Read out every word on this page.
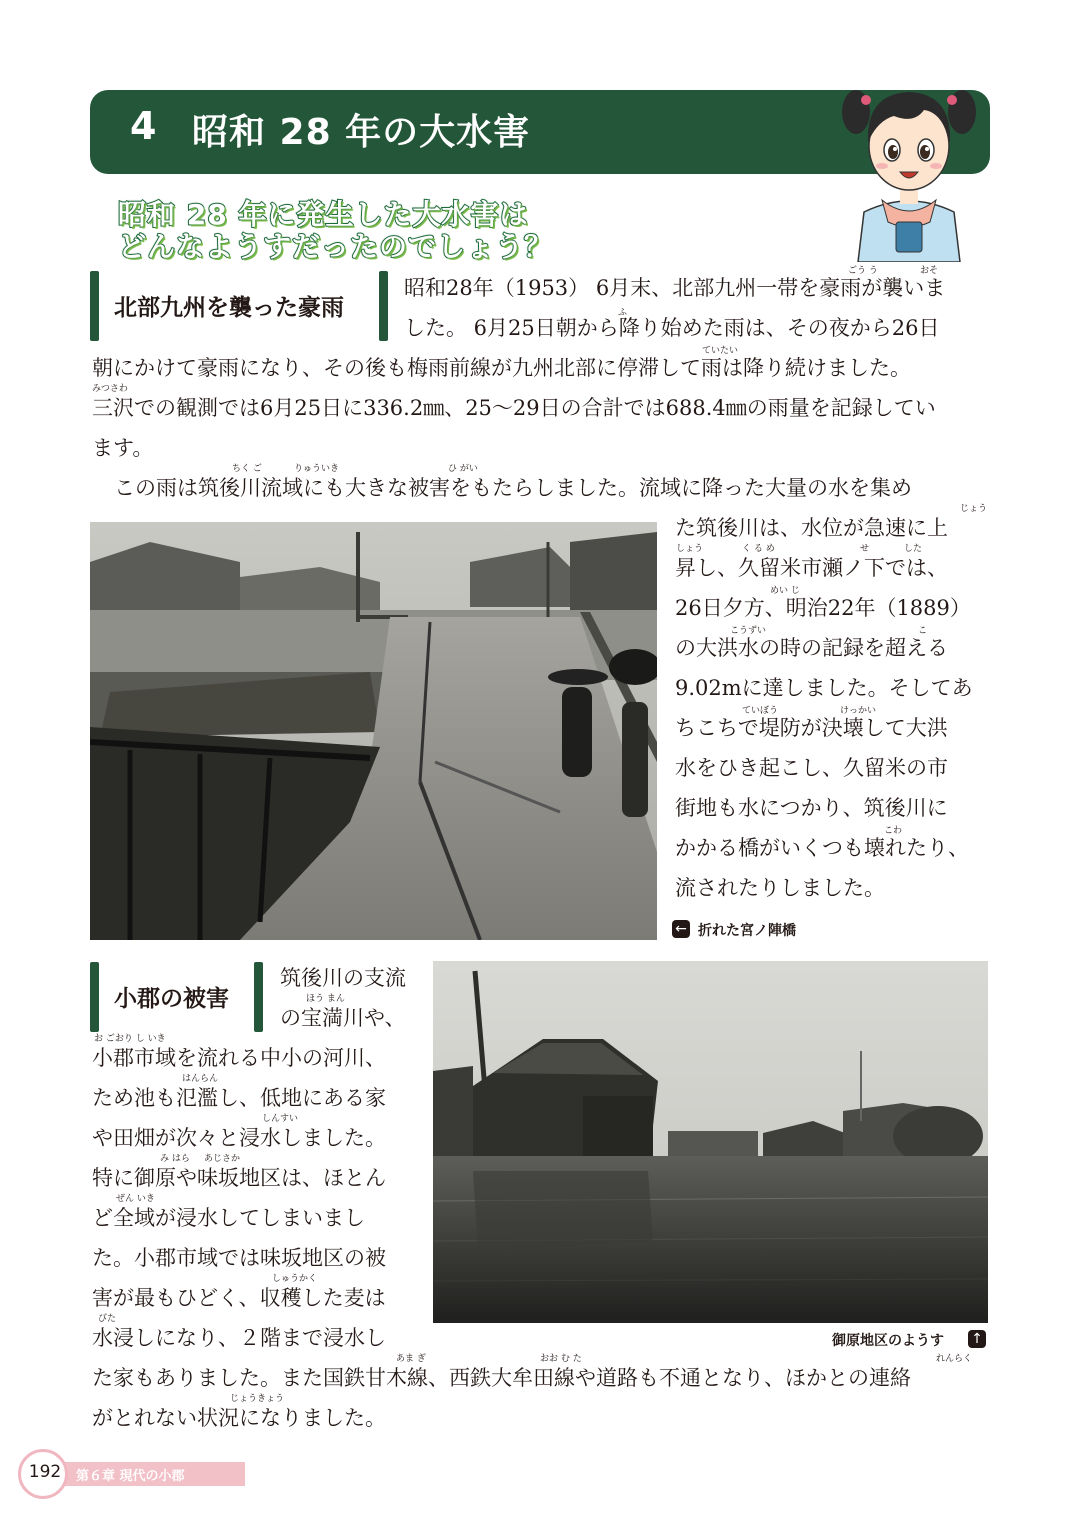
4 昭和 28 年の大水害
昭和 28 年に発生した大水害は
どんなようすだったのでしょう？
北部九州を襲った豪雨
ごう う	おそ
ふ
ていたい
みつさわ
ちく ご	りゅういき	ひ がい
じょう
しょう	く る め	せ	した
めい じ
こうずい	こ
ていぼう	けっかい
こわ
昭和28年（1953） 6月末、北部九州一帯を豪雨が襲いま
した。 6月25日朝から降り始めた雨は、その夜から26日
朝にかけて豪雨になり、その後も梅雨前線が九州北部に停滞して雨は降り続けました。
三沢での観測では6月25日に336.2㎜、25～29日の合計では688.4㎜の雨量を記録してい
ます。
この雨は筑後川流域にも大きな被害をもたらしました。流域に降った大量の水を集め
た筑後川は、水位が急速に上
昇し、久留米市瀬ノ下では、
26日夕方、明治22年（1889）
の大洪水の時の記録を超える
9.02mに達しました。そしてあ
ちこちで堤防が決壊して大洪
水をひき起こし、久留米の市
街地も水につかり、筑後川に
かかる橋がいくつも壊れたり、
流されたりしました。
← 折れた宮ノ陣橋
小郡の被害	ほう まん
お ごおり し いき
はんらん
しんすい
み はら あじさか
ぜん いき
しゅうかく
びた
あま ぎ	おお む た	れんらく
じょうきょう
筑後川の支流
の宝満川や、
小郡市域を流れる中小の河川、
ため池も氾濫し、低地にある家
や田畑が次々と浸水しました。
特に御原や味坂地区は、ほとん
ど全域が浸水してしまいまし
た。小郡市域では味坂地区の被
害が最もひどく、収穫した麦は
水浸しになり、２階まで浸水し
た家もありました。また国鉄甘木線、西鉄大牟田線や道路も不通となり、ほかとの連絡
がとれない状況になりました。
御原地区のようす ↑
192	第６章 現代の小郡
